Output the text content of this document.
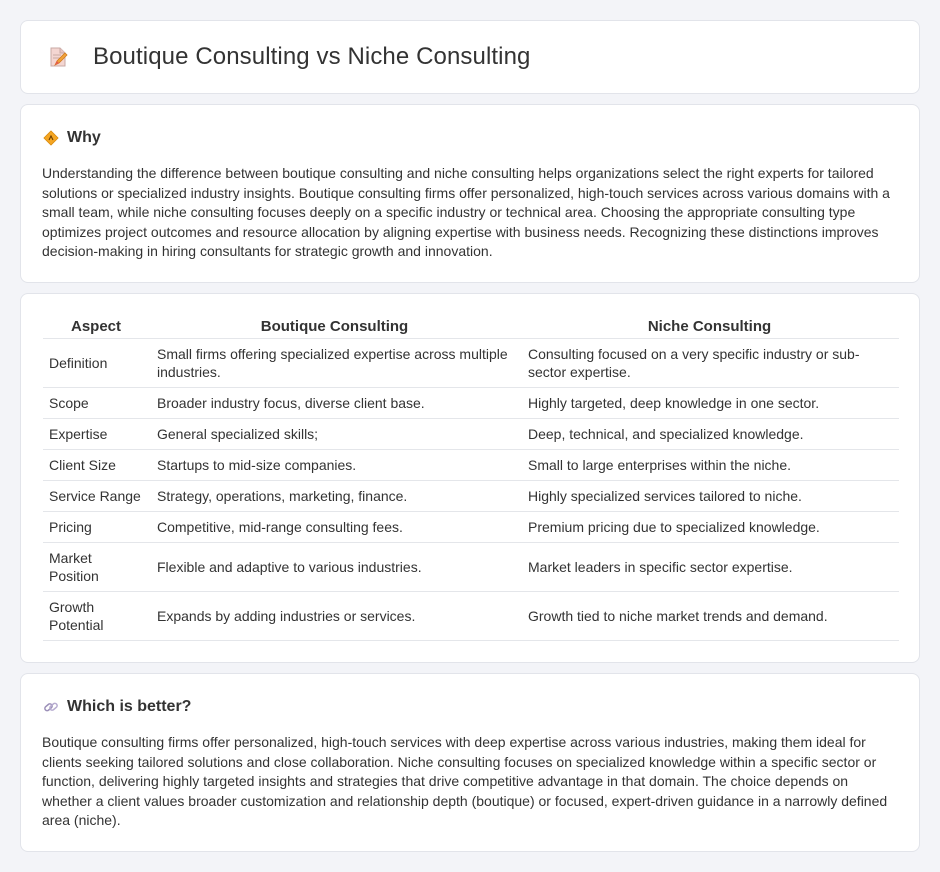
Boutique Consulting vs Niche Consulting
Why

Understanding the difference between boutique consulting and niche consulting helps organizations select the right experts for tailored solutions or specialized industry insights. Boutique consulting firms offer personalized, high-touch services across various domains with a small team, while niche consulting focuses deeply on a specific industry or technical area. Choosing the appropriate consulting type optimizes project outcomes and resource allocation by aligning expertise with business needs. Recognizing these distinctions improves decision-making in hiring consultants for strategic growth and innovation.

Aspect	Boutique Consulting	Niche Consulting
Definition	Small firms offering specialized expertise across multiple industries.	Consulting focused on a very specific industry or sub-sector expertise.
Scope	Broader industry focus, diverse client base.	Highly targeted, deep knowledge in one sector.
Expertise	General specialized skills;	Deep, technical, and specialized knowledge.
Client Size	Startups to mid-size companies.	Small to large enterprises within the niche.
Service Range	Strategy, operations, marketing, finance.	Highly specialized services tailored to niche.
Pricing	Competitive, mid-range consulting fees.	Premium pricing due to specialized knowledge.
Market Position	Flexible and adaptive to various industries.	Market leaders in specific sector expertise.
Growth Potential	Expands by adding industries or services.	Growth tied to niche market trends and demand.
Which is better?

Boutique consulting firms offer personalized, high-touch services with deep expertise across various industries, making them ideal for clients seeking tailored solutions and close collaboration. Niche consulting focuses on specialized knowledge within a specific sector or function, delivering highly targeted insights and strategies that drive competitive advantage in that domain. The choice depends on whether a client values broader customization and relationship depth (boutique) or focused, expert-driven guidance in a narrowly defined area (niche).
